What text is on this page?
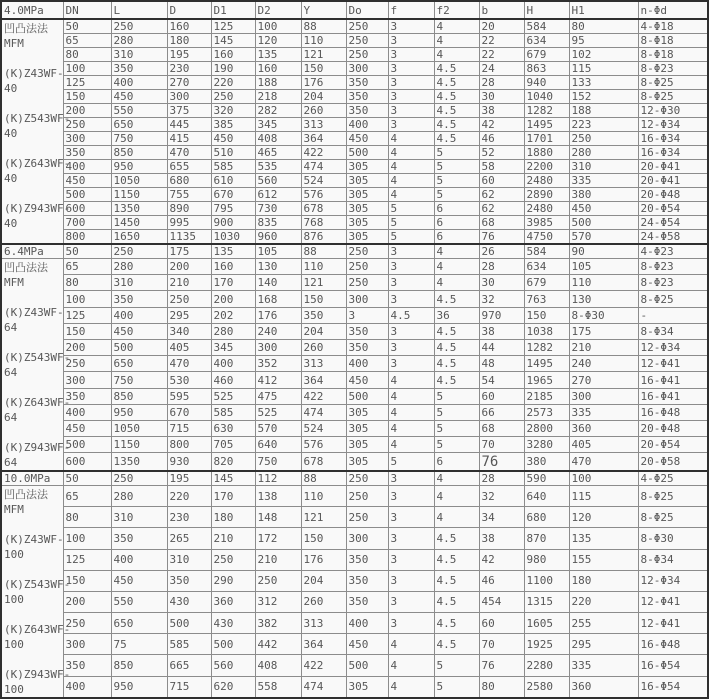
4.0MPa	DN	L	D	D1	D2	Y	Do	f	f2	b	H	H1	n-Φd
凹凸法法
MFM
(K)Z43WF-
40
(K)Z543WF-
40
(K)Z643WF-
40
(K)Z943WF-
40	50	250	160	125	100	88	250	3	4	20	584	80	4-Φ18
	65	280	180	145	120	110	250	3	4	22	634	95	8-Φ18
	80	310	195	160	135	121	250	3	4	22	679	102	8-Φ18
	100	350	230	190	160	150	300	3	4.5	24	863	115	8-Φ23
	125	400	270	220	188	176	350	3	4.5	28	940	133	8-Φ25
	150	450	300	250	218	204	350	3	4.5	30	1040	152	8-Φ25
	200	550	375	320	282	260	350	3	4.5	38	1282	188	12-Φ30
	250	650	445	385	345	313	400	3	4.5	42	1495	223	12-Φ34
	300	750	415	450	408	364	450	4	4.5	46	1701	250	16-Φ34
	350	850	470	510	465	422	500	4	5	52	1880	280	16-Φ34
	400	950	655	585	535	474	305	4	5	58	2200	310	20-Φ41
	450	1050	680	610	560	524	305	4	5	60	2480	335	20-Φ41
	500	1150	755	670	612	576	305	4	5	62	2890	380	20-Φ48
	600	1350	890	795	730	678	305	5	6	62	2480	450	20-Φ54
	700	1450	995	900	835	768	305	5	6	68	3985	500	24-Φ54
	800	1650	1135	1030	960	876	305	5	6	76	4750	570	24-Φ58
6.4MPa	50	250	175	135	105	88	250	3	4	26	584	90	4-Φ23
凹凸法法
MFM
(K)Z43WF-
64
(K)Z543WF-
64
(K)Z643WF-
64
(K)Z943WF-
64	65	280	200	160	130	110	250	3	4	28	634	105	8-Φ23
	80	310	210	170	140	121	250	3	4	30	679	110	8-Φ23
	100	350	250	200	168	150	300	3	4.5	32	763	130	8-Φ25
	125	400	295	202	176	350	3	4.5	36	970	150	8-Φ30	-
	150	450	340	280	240	204	350	3	4.5	38	1038	175	8-Φ34
	200	500	405	345	300	260	350	3	4.5	44	1282	210	12-Φ34
	250	650	470	400	352	313	400	3	4.5	48	1495	240	12-Φ41
	300	750	530	460	412	364	450	4	4.5	54	1965	270	16-Φ41
	350	850	595	525	475	422	500	4	5	60	2185	300	16-Φ41
	400	950	670	585	525	474	305	4	5	66	2573	335	16-Φ48
	450	1050	715	630	570	524	305	4	5	68	2800	360	20-Φ48
	500	1150	800	705	640	576	305	4	5	70	3280	405	20-Φ54
	600	1350	930	820	750	678	305	5	6	76	380	470	20-Φ58
10.0MPa	50	250	195	145	112	88	250	3	4	28	590	100	4-Φ25
凹凸法法
MFM
(K)Z43WF-
100
(K)Z543WF-
100
(K)Z643WF-
100
(K)Z943WF-
100	65	280	220	170	138	110	250	3	4	32	640	115	8-Φ25
	80	310	230	180	148	121	250	3	4	34	680	120	8-Φ25
	100	350	265	210	172	150	300	3	4.5	38	870	135	8-Φ30
	125	400	310	250	210	176	350	3	4.5	42	980	155	8-Φ34
	150	450	350	290	250	204	350	3	4.5	46	1100	180	12-Φ34
	200	550	430	360	312	260	350	3	4.5	454	1315	220	12-Φ41
	250	650	500	430	382	313	400	3	4.5	60	1605	255	12-Φ41
	300	75	585	500	442	364	450	4	4.5	70	1925	295	16-Φ48
	350	850	665	560	408	422	500	4	5	76	2280	335	16-Φ54
	400	950	715	620	558	474	305	4	5	80	2580	360	16-Φ54
